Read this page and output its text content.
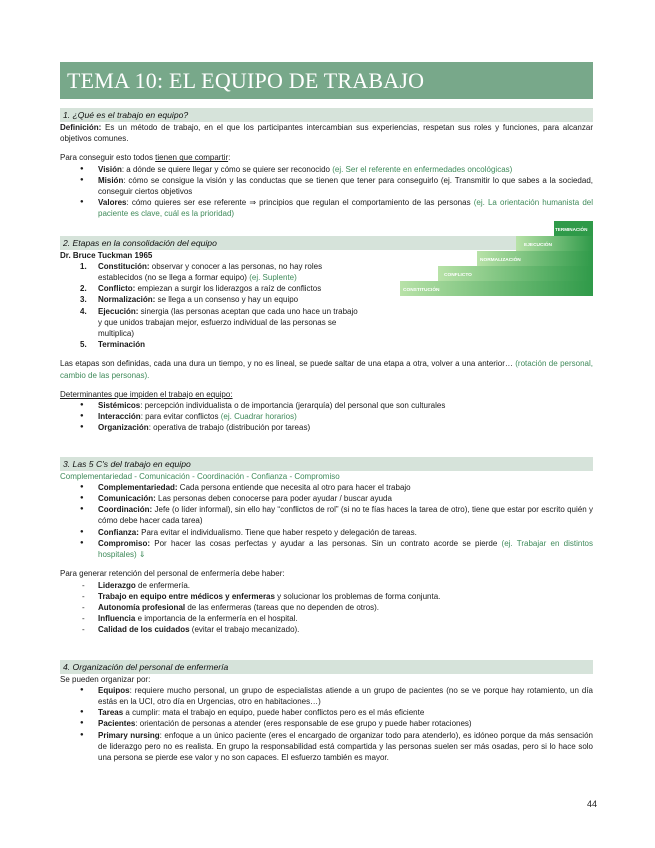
TEMA 10: EL EQUIPO DE TRABAJO
1. ¿Qué es el trabajo en equipo?

Definición: Es un método de trabajo, en el que los participantes intercambian sus experiencias, respetan sus roles y funciones, para alcanzar objetivos comunes.

Para conseguir esto todos tienen que compartir:

● Visión: a dónde se quiere llegar y cómo se quiere ser reconocido (ej. Ser el referente en enfermedades oncológicas)
● Misión: cómo se consigue la visión y las conductas que se tienen que tener para conseguirlo (ej. Transmitir lo que sabes a la sociedad, conseguir ciertos objetivos
● Valores: cómo quieres ser ese referente ⇒ principios que regulan el comportamiento de las personas (ej. La orientación humanista del paciente es clave, cuál es la prioridad)
2. Etapas en la consolidación del equipo

Dr. Bruce Tuckman 1965

1. Constitución: observar y conocer a las personas, no hay roles establecidos (no se llega a formar equipo) (ej. Suplente)
2. Conflicto: empiezan a surgir los liderazgos a raíz de conflictos
3. Normalización: se llega a un consenso y hay un equipo
4. Ejecución: sinergia (las personas aceptan que cada uno hace un trabajo y que unidos trabajan mejor, esfuerzo individual de las personas se multiplica)
5. Terminación

Las etapas son definidas, cada una dura un tiempo, y no es lineal, se puede saltar de una etapa a otra, volver a una anterior… (rotación de personal, cambio de las personas).

Determinantes que impiden el trabajo en equipo:

● Sistémicos: percepción individualista o de importancia (jerarquía) del personal que son culturales
● Interacción: para evitar conflictos (ej. Cuadrar horarios)
● Organización: operativa de trabajo (distribución por tareas)
3. Las 5 C's del trabajo en equipo

Complementariedad - Comunicación - Coordinación - Confianza - Compromiso

● Complementariedad: Cada persona entiende que necesita al otro para hacer el trabajo
● Comunicación: Las personas deben conocerse para poder ayudar / buscar ayuda
● Coordinación: Jefe (o líder informal), sin ello hay “conflictos de rol” (si no te fías haces la tarea de otro), tiene que estar por escrito quién y cómo debe hacer cada tarea)
● Confianza: Para evitar el individualismo. Tiene que haber respeto y delegación de tareas.
● Compromiso: Por hacer las cosas perfectas y ayudar a las personas. Sin un contrato acorde se pierde (ej. Trabajar en distintos hospitales) ⇓

Para generar retención del personal de enfermería debe haber:

- Liderazgo de enfermería.
- Trabajo en equipo entre médicos y enfermeras y solucionar los problemas de forma conjunta.
- Autonomía profesional de las enfermeras (tareas que no dependen de otros).
- Influencia e importancia de la enfermería en el hospital.
- Calidad de los cuidados (evitar el trabajo mecanizado).
4. Organización del personal de enfermería

Se pueden organizar por:

● Equipos: requiere mucho personal, un grupo de especialistas atiende a un grupo de pacientes (no se ve porque hay rotamiento, un día estás en la UCI, otro día en Urgencias, otro en habitaciones…)
● Tareas a cumplir: mata el trabajo en equipo, puede haber conflictos pero es el más eficiente
● Pacientes: orientación de personas a atender (eres responsable de ese grupo y puede haber rotaciones)
● Primary nursing: enfoque a un único paciente (eres el encargado de organizar todo para atenderlo), es idóneo porque da más sensación de liderazgo pero no es realista. En grupo la responsabilidad está compartida y las personas suelen ser más osadas, pero si lo hace solo una persona se pierde ese valor y no son capaces. El esfuerzo también es mayor.
CONSTITUCIÓN
CONFLICTO
NORMALIZACIÓN
EJECUCIÓN
TERMINACIÓN
44
